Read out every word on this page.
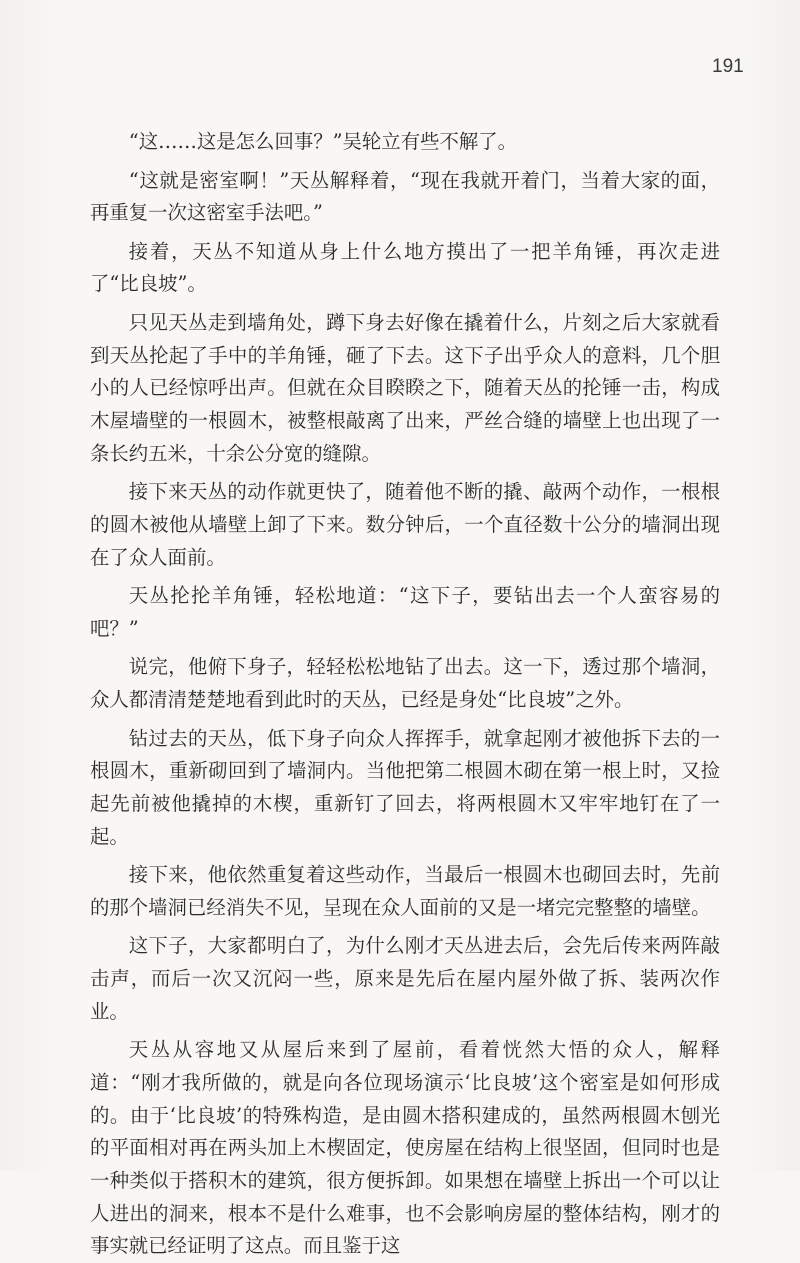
191

“这……这是怎么回事？”吴轮立有些不解了。

“这就是密室啊！”天丛解释着，“现在我就开着门，当着大家的面，再重复一次这密室手法吧。”

接着，天丛不知道从身上什么地方摸出了一把羊角锤，再次走进了“比良坡”。

只见天丛走到墙角处，蹲下身去好像在撬着什么，片刻之后大家就看到天丛抡起了手中的羊角锤，砸了下去。这下子出乎众人的意料，几个胆小的人已经惊呼出声。但就在众目睽睽之下，随着天丛的抡锤一击，构成木屋墙壁的一根圆木，被整根敲离了出来，严丝合缝的墙壁上也出现了一条长约五米，十余公分宽的缝隙。

接下来天丛的动作就更快了，随着他不断的撬、敲两个动作，一根根的圆木被他从墙壁上卸了下来。数分钟后，一个直径数十公分的墙洞出现在了众人面前。

天丛抡抡羊角锤，轻松地道：“这下子，要钻出去一个人蛮容易的吧？”

说完，他俯下身子，轻轻松松地钻了出去。这一下，透过那个墙洞，众人都清清楚楚地看到此时的天丛，已经是身处“比良坡”之外。

钻过去的天丛，低下身子向众人挥挥手，就拿起刚才被他拆下去的一根圆木，重新砌回到了墙洞内。当他把第二根圆木砌在第一根上时，又捡起先前被他撬掉的木楔，重新钉了回去，将两根圆木又牢牢地钉在了一起。

接下来，他依然重复着这些动作，当最后一根圆木也砌回去时，先前的那个墙洞已经消失不见，呈现在众人面前的又是一堵完完整整的墙壁。

这下子，大家都明白了，为什么刚才天丛进去后，会先后传来两阵敲击声，而后一次又沉闷一些，原来是先后在屋内屋外做了拆、装两次作业。

天丛从容地又从屋后来到了屋前，看着恍然大悟的众人，解释道：“刚才我所做的，就是向各位现场演示‘比良坡’这个密室是如何形成的。由于‘比良坡’的特殊构造，是由圆木搭积建成的，虽然两根圆木刨光的平面相对再在两头加上木楔固定，使房屋在结构上很坚固，但同时也是一种类似于搭积木的建筑，很方便拆卸。如果想在墙壁上拆出一个可以让人进出的洞来，根本不是什么难事，也不会影响房屋的整体结构，刚才的事实就已经证明了这点。而且鉴于这
